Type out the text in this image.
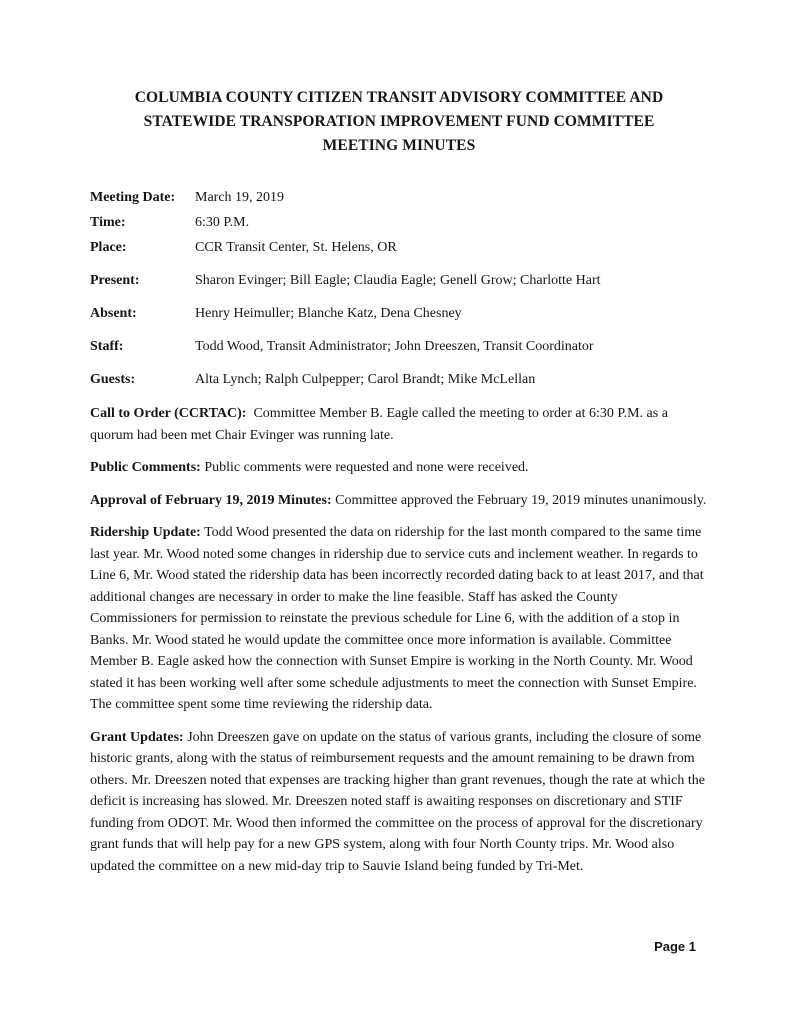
COLUMBIA COUNTY CITIZEN TRANSIT ADVISORY COMMITTEE AND
STATEWIDE TRANSPORATION IMPROVEMENT FUND COMMITTEE
MEETING MINUTES
Meeting Date:	March 19, 2019
Time:	6:30 P.M.
Place:	CCR Transit Center, St. Helens, OR
Present:	Sharon Evinger; Bill Eagle; Claudia Eagle; Genell Grow; Charlotte Hart
Absent:	Henry Heimuller; Blanche Katz, Dena Chesney
Staff:	Todd Wood, Transit Administrator; John Dreeszen, Transit Coordinator
Guests:	Alta Lynch; Ralph Culpepper; Carol Brandt; Mike McLellan

Call to Order (CCRTAC): Committee Member B. Eagle called the meeting to order at 6:30 P.M. as a quorum had been met Chair Evinger was running late.

Public Comments: Public comments were requested and none were received.

Approval of February 19, 2019 Minutes: Committee approved the February 19, 2019 minutes unanimously.

Ridership Update: Todd Wood presented the data on ridership for the last month compared to the same time last year. Mr. Wood noted some changes in ridership due to service cuts and inclement weather. In regards to Line 6, Mr. Wood stated the ridership data has been incorrectly recorded dating back to at least 2017, and that additional changes are necessary in order to make the line feasible. Staff has asked the County Commissioners for permission to reinstate the previous schedule for Line 6, with the addition of a stop in Banks. Mr. Wood stated he would update the committee once more information is available. Committee Member B. Eagle asked how the connection with Sunset Empire is working in the North County. Mr. Wood stated it has been working well after some schedule adjustments to meet the connection with Sunset Empire. The committee spent some time reviewing the ridership data.

Grant Updates: John Dreeszen gave on update on the status of various grants, including the closure of some historic grants, along with the status of reimbursement requests and the amount remaining to be drawn from others. Mr. Dreeszen noted that expenses are tracking higher than grant revenues, though the rate at which the deficit is increasing has slowed. Mr. Dreeszen noted staff is awaiting responses on discretionary and STIF funding from ODOT. Mr. Wood then informed the committee on the process of approval for the discretionary grant funds that will help pay for a new GPS system, along with four North County trips. Mr. Wood also updated the committee on a new mid-day trip to Sauvie Island being funded by Tri-Met.

Page 1
